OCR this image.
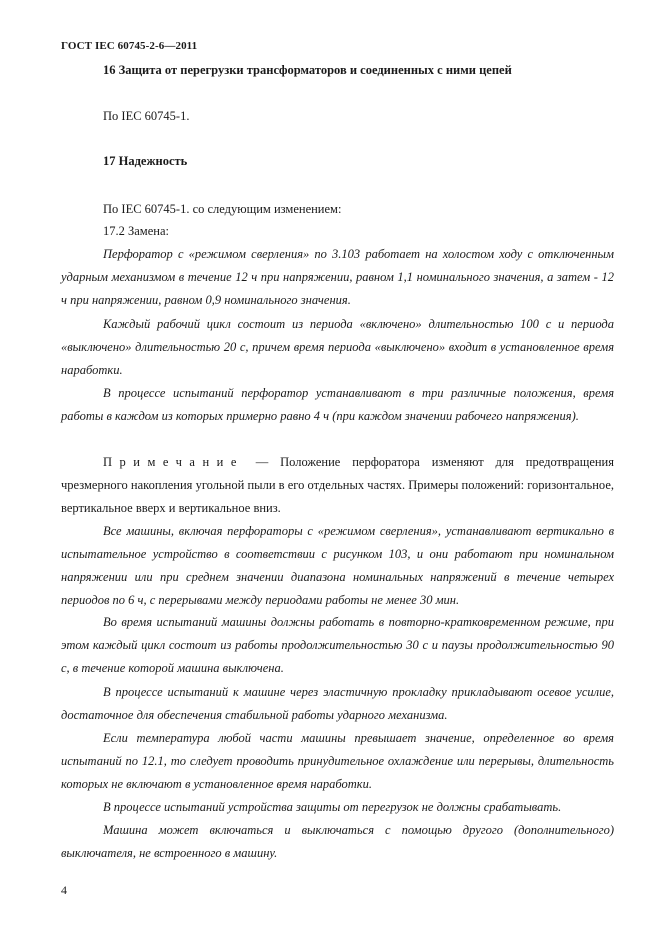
ГОСТ IEC 60745-2-6—2011
16 Защита от перегрузки трансформаторов и соединенных с ними цепей
По IEC 60745-1.
17 Надежность
По IEC 60745-1. со следующим изменением:
17.2 Замена:

Перфоратор с «режимом сверления» по 3.103 работает на холостом ходу с отключенным ударным механизмом в течение 12 ч при напряжении, равном 1,1 номинального значения, а затем - 12 ч при напряжении, равном 0,9 номинального значения.

Каждый рабочий цикл состоит из периода «включено» длительностью 100 с и периода «выключено» длительностью 20 с, причем время периода «выключено» входит в установленное время наработки.

В процессе испытаний перфоратор устанавливают в три различные положения, время работы в каждом из которых примерно равно 4 ч (при каждом значении рабочего напряжения).

Примечание — Положение перфоратора изменяют для предотвращения чрезмерного накопления угольной пыли в его отдельных частях. Примеры положений: горизонтальное, вертикальное вверх и вертикальное вниз.

Все машины, включая перфораторы с «режимом сверления», устанавливают вертикально в испытательное устройство в соответствии с рисунком 103, и они работают при номинальном напряжении или при среднем значении диапазона номинальных напряжений в течение четырех периодов по 6 ч, с перерывами между периодами работы не менее 30 мин.

Во время испытаний машины должны работать в повторно-кратковременном режиме, при этом каждый цикл состоит из работы продолжительностью 30 с и паузы продолжительностью 90 с, в течение которой машина выключена.

В процессе испытаний к машине через эластичную прокладку прикладывают осевое усилие, достаточное для обеспечения стабильной работы ударного механизма.

Если температура любой части машины превышает значение, определенное во время испытаний по 12.1, то следует проводить принудительное охлаждение или перерывы, длительность которых не включают в установленное время наработки.

В процессе испытаний устройства защиты от перегрузок не должны срабатывать.

Машина может включаться и выключаться с помощью другого (дополнительного) выключателя, не встроенного в машину.

4
